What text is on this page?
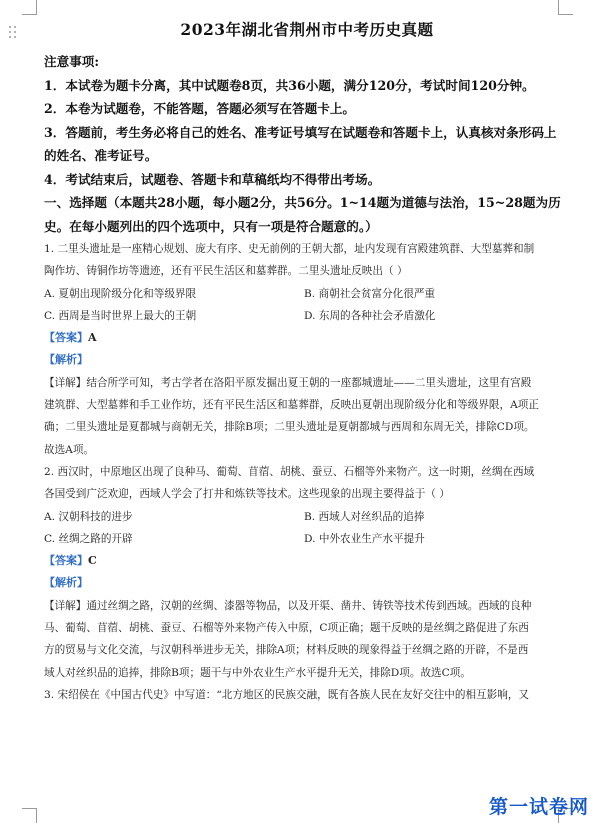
2023年湖北省荆州市中考历史真题
注意事项:
1．本试卷为题卡分离，其中试题卷8页，共36小题，满分120分，考试时间120分钟。
2．本卷为试题卷，不能答题，答题必须写在答题卡上。
3．答题前，考生务必将自己的姓名、准考证号填写在试题卷和答题卡上，认真核对条形码上
的姓名、准考证号。
4．考试结束后，试题卷、答题卡和草稿纸均不得带出考场。
一、选择题（本题共28小题，每小题2分，共56分。1~14题为道德与法治，15~28题为历
史。在每小题列出的四个选项中，只有一项是符合题意的。）
1. 二里头遗址是一座精心规划、庞大有序、史无前例的王朝大都，址内发现有宫殿建筑群、大型墓葬和制
陶作坊、铸铜作坊等遗迹，还有平民生活区和墓葬群。二里头遗址反映出（ ）
A. 夏朝出现阶级分化和等级界限	B. 商朝社会贫富分化很严重
C. 西周是当时世界上最大的王朝	D. 东周的各种社会矛盾激化
【答案】A
【解析】
【详解】结合所学可知，考古学者在洛阳平原发掘出夏王朝的一座都城遗址——二里头遗址，这里有宫殿
建筑群、大型墓葬和手工业作坊，还有平民生活区和墓葬群，反映出夏朝出现阶级分化和等级界限，A项正
确；二里头遗址是夏都城与商朝无关，排除B项；二里头遗址是夏朝都城与西周和东周无关，排除CD项。
故选A项。
2. 西汉时，中原地区出现了良种马、葡萄、苜蓿、胡桃、蚕豆、石榴等外来物产。这一时期，丝绸在西域
各国受到广泛欢迎，西域人学会了打井和炼铁等技术。这些现象的出现主要得益于（ ）
A. 汉朝科技的进步	B. 西域人对丝织品的追捧
C. 丝绸之路的开辟	D. 中外农业生产水平提升
【答案】C
【解析】
【详解】通过丝绸之路，汉朝的丝绸、漆器等物品，以及开渠、凿井、铸铁等技术传到西域。西域的良种
马、葡萄、苜蓿、胡桃、蚕豆、石榴等外来物产传入中原，C项正确；题干反映的是丝绸之路促进了东西
方的贸易与文化交流，与汉朝科举进步无关，排除A项；材料反映的现象得益于丝绸之路的开辟，不是西
域人对丝织品的追捧，排除B项；题干与中外农业生产水平提升无关，排除D项。故选C项。
3. 宋绍侯在《中国古代史》中写道：“北方地区的民族交融，既有各族人民在友好交往中的相互影响，又
第一试卷网
